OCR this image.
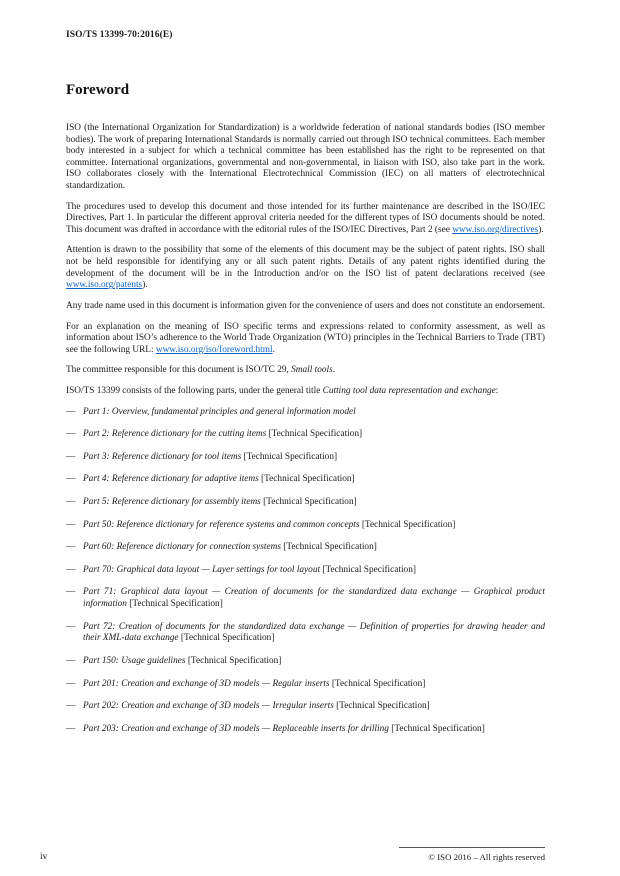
ISO/TS 13399-70:2016(E)
Foreword

ISO (the International Organization for Standardization) is a worldwide federation of national standards bodies (ISO member bodies). The work of preparing International Standards is normally carried out through ISO technical committees. Each member body interested in a subject for which a technical committee has been established has the right to be represented on that committee. International organizations, governmental and non-governmental, in liaison with ISO, also take part in the work. ISO collaborates closely with the International Electrotechnical Commission (IEC) on all matters of electrotechnical standardization.

The procedures used to develop this document and those intended for its further maintenance are described in the ISO/IEC Directives, Part 1. In particular the different approval criteria needed for the different types of ISO documents should be noted. This document was drafted in accordance with the editorial rules of the ISO/IEC Directives, Part 2 (see www.iso.org/directives).

Attention is drawn to the possibility that some of the elements of this document may be the subject of patent rights. ISO shall not be held responsible for identifying any or all such patent rights. Details of any patent rights identified during the development of the document will be in the Introduction and/or on the ISO list of patent declarations received (see www.iso.org/patents).

Any trade name used in this document is information given for the convenience of users and does not constitute an endorsement.

For an explanation on the meaning of ISO specific terms and expressions related to conformity assessment, as well as information about ISO’s adherence to the World Trade Organization (WTO) principles in the Technical Barriers to Trade (TBT) see the following URL: www.iso.org/iso/foreword.html.

The committee responsible for this document is ISO/TC 29, Small tools.

ISO/TS 13399 consists of the following parts, under the general title Cutting tool data representation and exchange:

— Part 1: Overview, fundamental principles and general information model
— Part 2: Reference dictionary for the cutting items [Technical Specification]
— Part 3: Reference dictionary for tool items [Technical Specification]
— Part 4: Reference dictionary for adaptive items [Technical Specification]
— Part 5: Reference dictionary for assembly items [Technical Specification]
— Part 50: Reference dictionary for reference systems and common concepts [Technical Specification]
— Part 60: Reference dictionary for connection systems [Technical Specification]
— Part 70: Graphical data layout — Layer settings for tool layout [Technical Specification]
— Part 71: Graphical data layout — Creation of documents for the standardized data exchange — Graphical product information [Technical Specification]
— Part 72: Creation of documents for the standardized data exchange — Definition of properties for drawing header and their XML-data exchange [Technical Specification]
— Part 150: Usage guidelines [Technical Specification]
— Part 201: Creation and exchange of 3D models — Regular inserts [Technical Specification]
— Part 202: Creation and exchange of 3D models — Irregular inserts [Technical Specification]
— Part 203: Creation and exchange of 3D models — Replaceable inserts for drilling [Technical Specification]
iv	© ISO 2016 – All rights reserved
